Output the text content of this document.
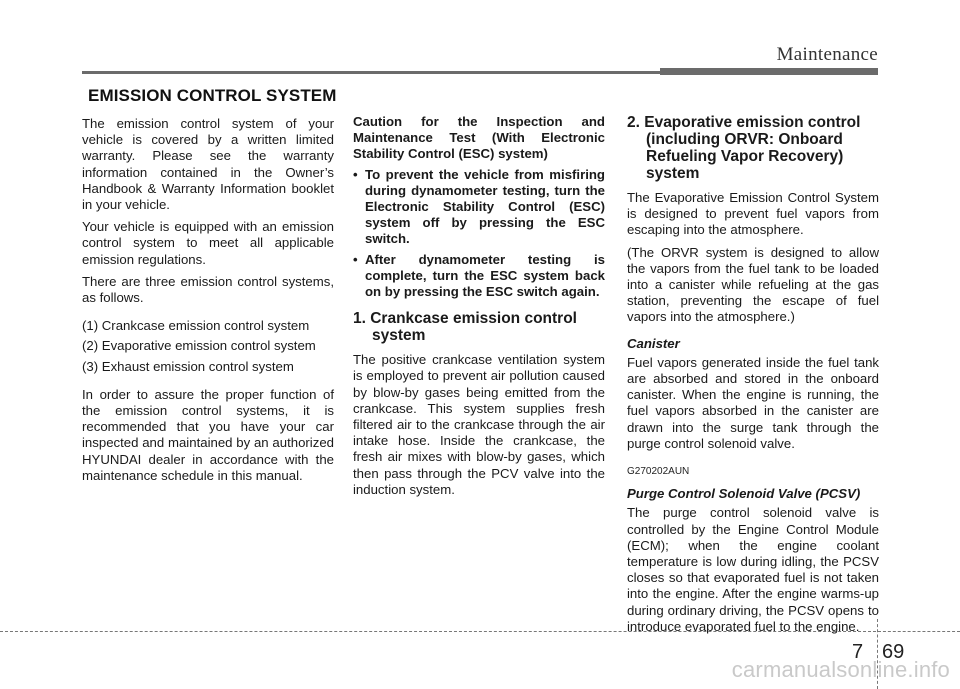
Maintenance
EMISSION CONTROL SYSTEM

The emission control system of your vehicle is covered by a written limited warranty. Please see the warranty information contained in the Owner’s Handbook & Warranty Information booklet in your vehicle.

Your vehicle is equipped with an emission control system to meet all applicable emission regulations.

There are three emission control systems, as follows.

(1) Crankcase emission control system

(2) Evaporative emission control system

(3) Exhaust emission control system

In order to assure the proper function of the emission control systems, it is recommended that you have your car inspected and maintained by an authorized HYUNDAI dealer in accordance with the maintenance schedule in this manual.

Caution for the Inspection and Maintenance Test (With Electronic Stability Control (ESC) system)

• To prevent the vehicle from misfiring during dynamometer testing, turn the Electronic Stability Control (ESC) system off by pressing the ESC switch.
• After dynamometer testing is complete, turn the ESC system back on by pressing the ESC switch again.
1. Crankcase emission control system

The positive crankcase ventilation system is employed to prevent air pollution caused by blow-by gases being emitted from the crankcase. This system supplies fresh filtered air to the crankcase through the air intake hose. Inside the crankcase, the fresh air mixes with blow-by gases, which then pass through the PCV valve into the induction system.

2. Evaporative emission control (including ORVR: Onboard Refueling Vapor Recovery) system

The Evaporative Emission Control System is designed to prevent fuel vapors from escaping into the atmosphere.

(The ORVR system is designed to allow the vapors from the fuel tank to be loaded into a canister while refueling at the gas station, preventing the escape of fuel vapors into the atmosphere.)

Canister

Fuel vapors generated inside the fuel tank are absorbed and stored in the onboard canister. When the engine is running, the fuel vapors absorbed in the canister are drawn into the surge tank through the purge control solenoid valve.

G270202AUN
Purge Control Solenoid Valve (PCSV)

The purge control solenoid valve is controlled by the Engine Control Module (ECM); when the engine coolant temperature is low during idling, the PCSV closes so that evaporated fuel is not taken into the engine. After the engine warms-up during ordinary driving, the PCSV opens to introduce evaporated fuel to the engine.

7 69
carmanualsonline.info
